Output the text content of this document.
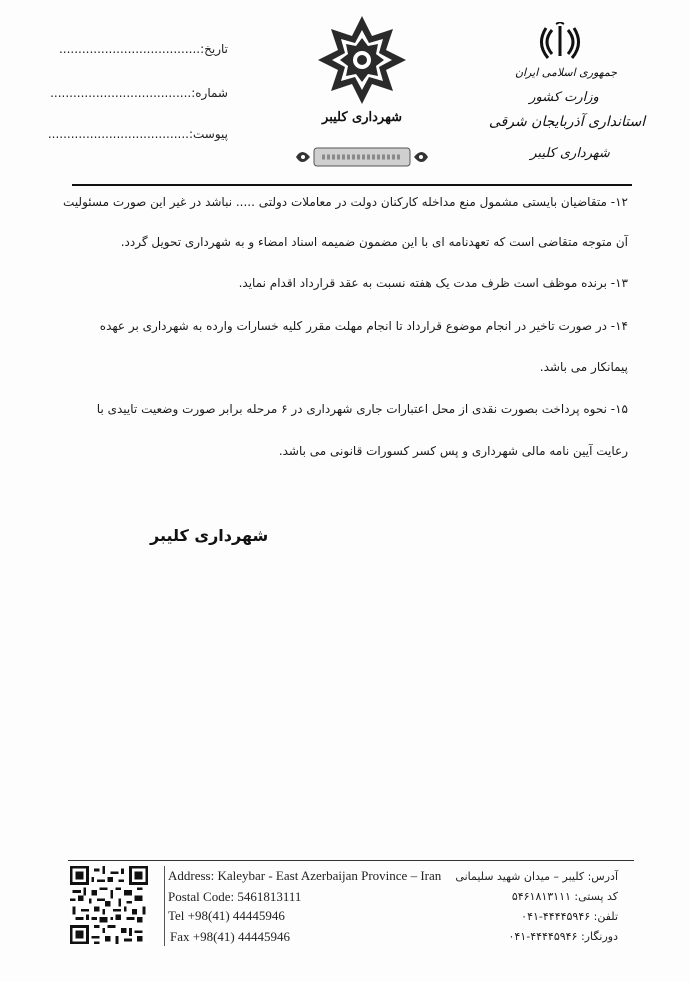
تاریخ:.....................................
شماره:.....................................
پیوست:.....................................
شهرداری کلیبر
جمهوری اسلامی ایران
وزارت کشور
استانداری آذربایجان شرقی
شهرداری کلیبر
۱۲- متقاضیان بایستی مشمول منع مداخله کارکنان دولت در معاملات دولتی ..... نباشد در غیر این صورت مسئولیت
آن متوجه متقاضی است که تعهدنامه ای با این مضمون ضمیمه اسناد امضاء و به شهرداری تحویل گردد.
۱۳- برنده موظف است ظرف مدت یک هفته نسبت به عقد قرارداد اقدام نماید.
۱۴- در صورت تاخیر در انجام موضوع قرارداد تا انجام مهلت مقرر کلیه خسارات وارده به شهرداری بر عهده
پیمانکار می باشد.
۱۵- نحوه پرداخت بصورت نقدی از محل اعتبارات جاری شهرداری در ۶ مرحله برابر صورت وضعیت تاییدی با
رعایت آیین نامه مالی شهرداری و پس کسر کسورات قانونی می باشد.
شهرداری کلیبر
Address: Kaleybar - East Azerbaijan Province – Iran
Postal Code: 5461813111
Tel +98(41) 44445946
Fax +98(41) 44445946
آدرس: کلیبر – میدان شهید سلیمانی
کد پستی: ۵۴۶۱۸۱۳۱۱۱
تلفن: ۴۴۴۴۵۹۴۶-۰۴۱
دورنگار: ۴۴۴۴۵۹۴۶-۰۴۱
